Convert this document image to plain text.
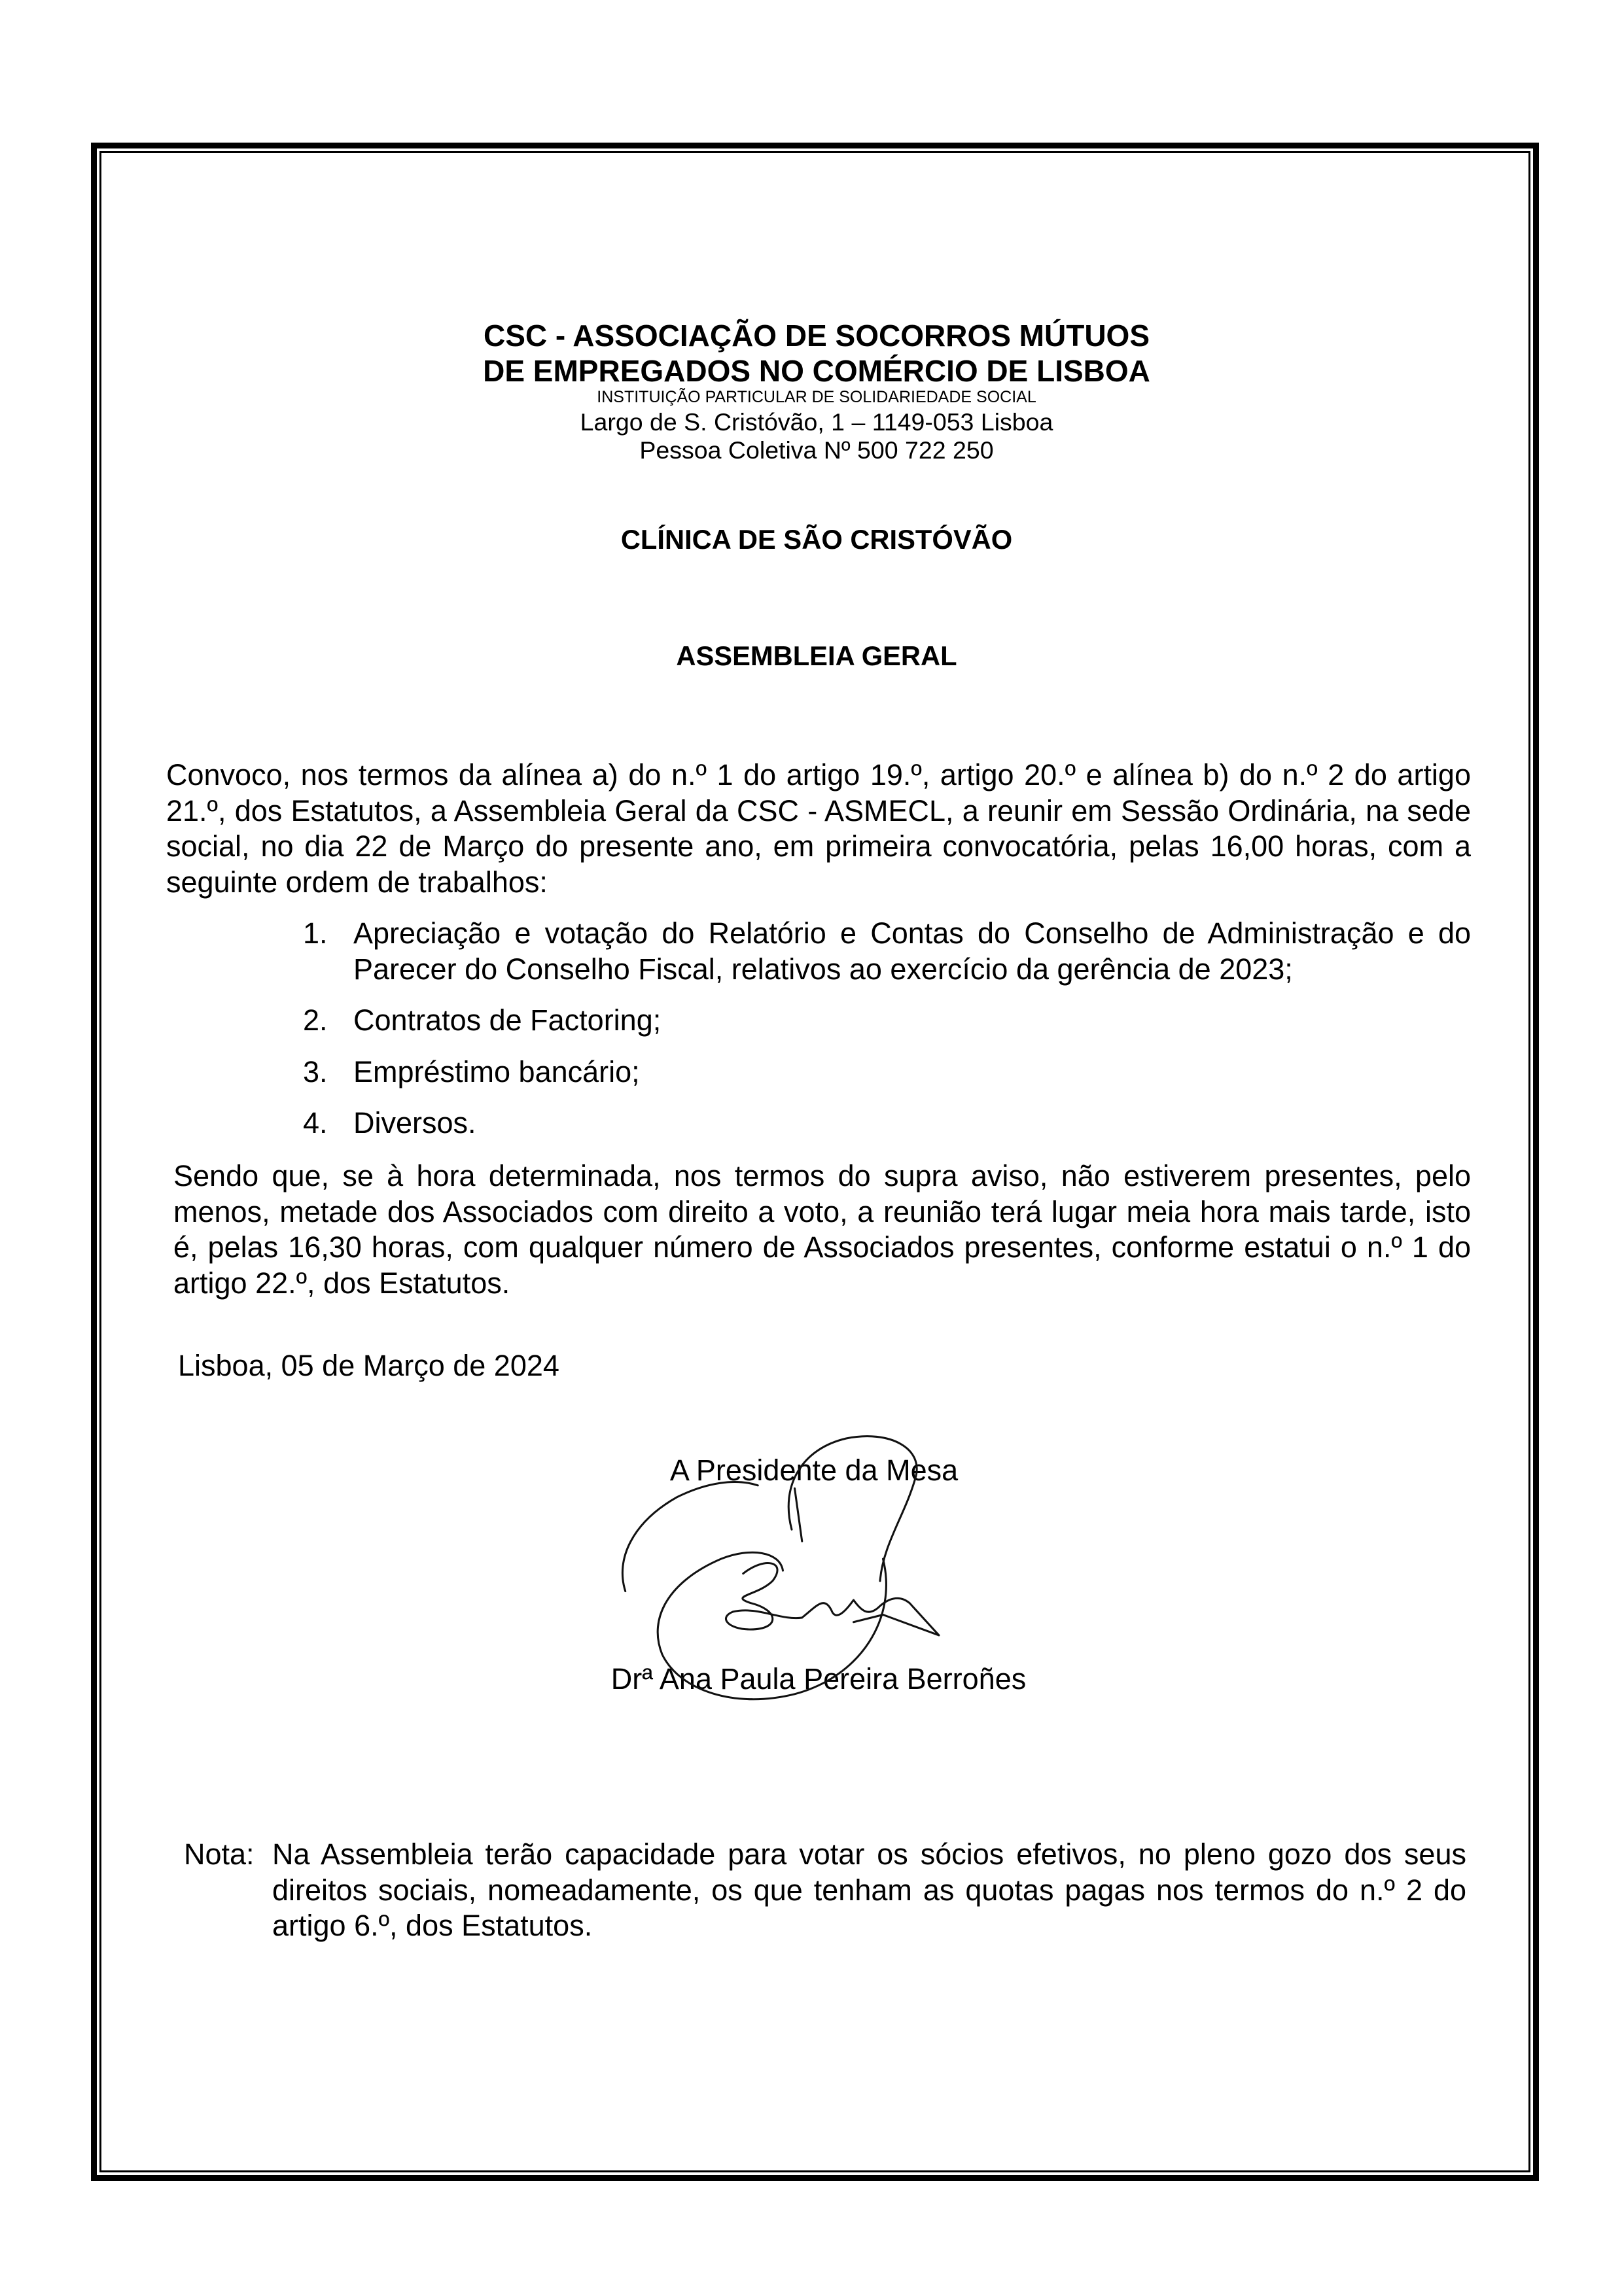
CSC - ASSOCIAÇÃO DE SOCORROS MÚTUOS
DE EMPREGADOS NO COMÉRCIO DE LISBOA
INSTITUIÇÃO PARTICULAR DE SOLIDARIEDADE SOCIAL
Largo de S. Cristóvão, 1 – 1149-053 Lisboa
Pessoa Coletiva Nº 500 722 250
CLÍNICA DE SÃO CRISTÓVÃO
ASSEMBLEIA GERAL
Convoco, nos termos da alínea a) do n.º 1 do artigo 19.º, artigo 20.º e alínea b) do n.º 2 do artigo
21.º, dos Estatutos, a Assembleia Geral da CSC - ASMECL, a reunir em Sessão Ordinária, na sede
social, no dia 22 de Março do presente ano, em primeira convocatória, pelas 16,00 horas, com a
seguinte ordem de trabalhos:
1. Apreciação e votação do Relatório e Contas do Conselho de Administração e do
Parecer do Conselho Fiscal, relativos ao exercício da gerência de 2023;
2. Contratos de Factoring;
3. Empréstimo bancário;
4. Diversos.
Sendo que, se à hora determinada, nos termos do supra aviso, não estiverem presentes, pelo
menos, metade dos Associados com direito a voto, a reunião terá lugar meia hora mais tarde, isto
é, pelas 16,30 horas, com qualquer número de Associados presentes, conforme estatui o n.º 1 do
artigo 22.º, dos Estatutos.
Lisboa, 05 de Março de 2024
A Presidente da Mesa
Drª Ana Paula Pereira Berroñes
Nota: Na Assembleia terão capacidade para votar os sócios efetivos, no pleno gozo dos seus
direitos sociais, nomeadamente, os que tenham as quotas pagas nos termos do n.º 2 do
artigo 6.º, dos Estatutos.
